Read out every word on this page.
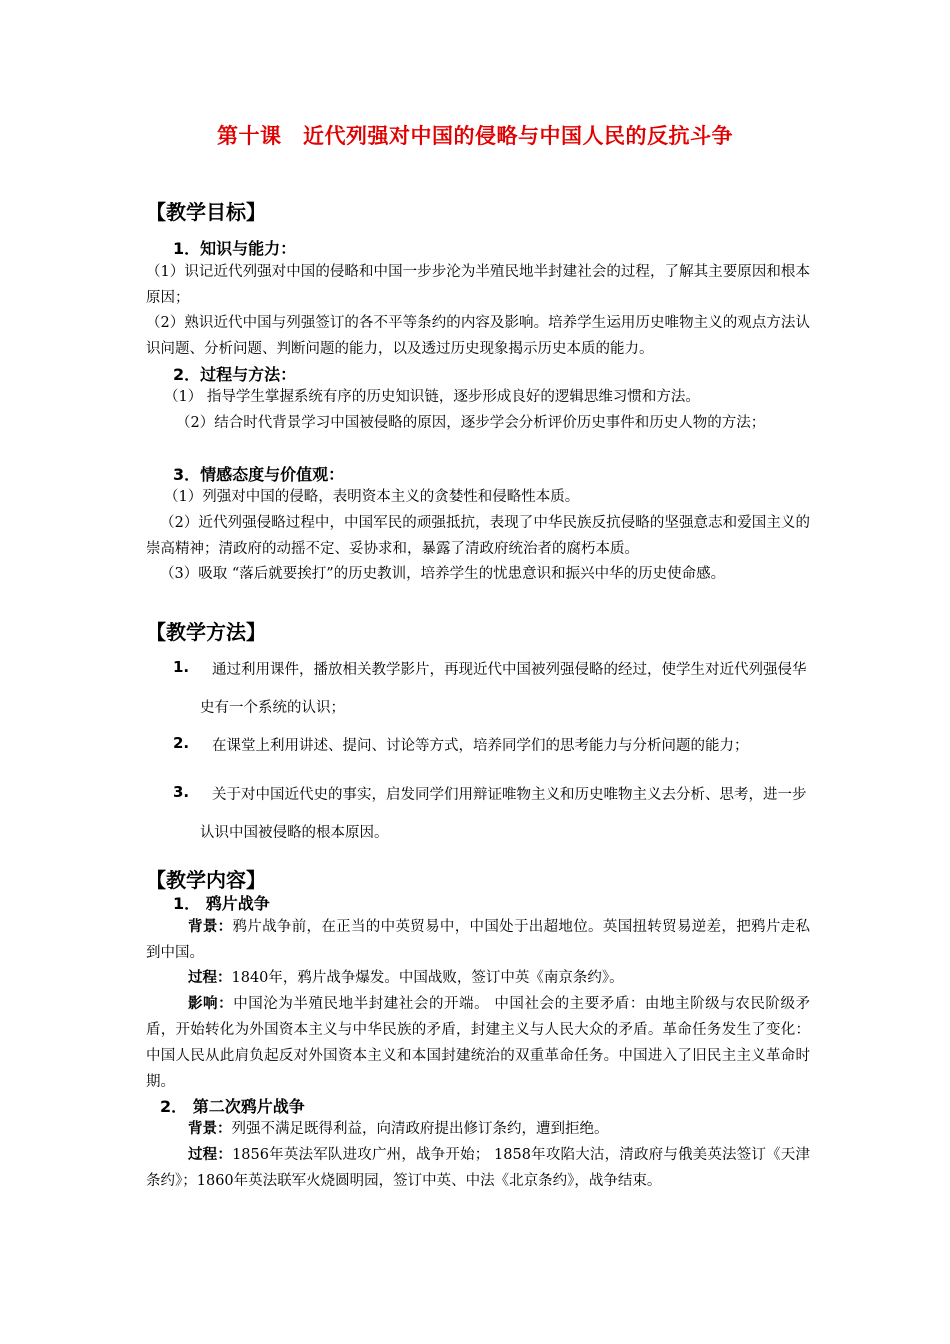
第十课　近代列强对中国的侵略与中国人民的反抗斗争
【教学目标】
1．知识与能力：
（1）识记近代列强对中国的侵略和中国一步步沦为半殖民地半封建社会的过程，了解其主要原因和根本原因；
（2）熟识近代中国与列强签订的各不平等条约的内容及影响。培养学生运用历史唯物主义的观点方法认识问题、分析问题、判断问题的能力，以及透过历史现象揭示历史本质的能力。
2．过程与方法：
（1） 指导学生掌握系统有序的历史知识链，逐步形成良好的逻辑思维习惯和方法。
（2）结合时代背景学习中国被侵略的原因，逐步学会分析评价历史事件和历史人物的方法；
3．情感态度与价值观：
（1）列强对中国的侵略，表明资本主义的贪婪性和侵略性本质。
（2）近代列强侵略过程中，中国军民的顽强抵抗，表现了中华民族反抗侵略的坚强意志和爱国主义的崇高精神；清政府的动摇不定、妥协求和，暴露了清政府统治者的腐朽本质。
（3）吸取 “落后就要挨打”的历史教训，培养学生的忧患意识和振兴中华的历史使命感。
【教学方法】
1.	通过利用课件，播放相关教学影片，再现近代中国被列强侵略的经过，使学生对近代列强侵华史有一个系统的认识；
2.	在课堂上利用讲述、提问、讨论等方式，培养同学们的思考能力与分析问题的能力；
3.	关于对中国近代史的事实，启发同学们用辩证唯物主义和历史唯物主义去分析、思考，进一步认识中国被侵略的根本原因。
【教学内容】
1． 鸦片战争
背景：鸦片战争前，在正当的中英贸易中，中国处于出超地位。英国扭转贸易逆差，把鸦片走私到中国。
过程：1840年，鸦片战争爆发。中国战败，签订中英《南京条约》。
影响：中国沦为半殖民地半封建社会的开端。 中国社会的主要矛盾：由地主阶级与农民阶级矛盾，开始转化为外国资本主义与中华民族的矛盾，封建主义与人民大众的矛盾。革命任务发生了变化：中国人民从此肩负起反对外国资本主义和本国封建统治的双重革命任务。中国进入了旧民主主义革命时期。
2． 第二次鸦片战争
背景：列强不满足既得利益，向清政府提出修订条约，遭到拒绝。
过程：1856年英法军队进攻广州，战争开始； 1858年攻陷大沽，清政府与俄美英法签订《天津条约》；1860年英法联军火烧圆明园，签订中英、中法《北京条约》，战争结束。
